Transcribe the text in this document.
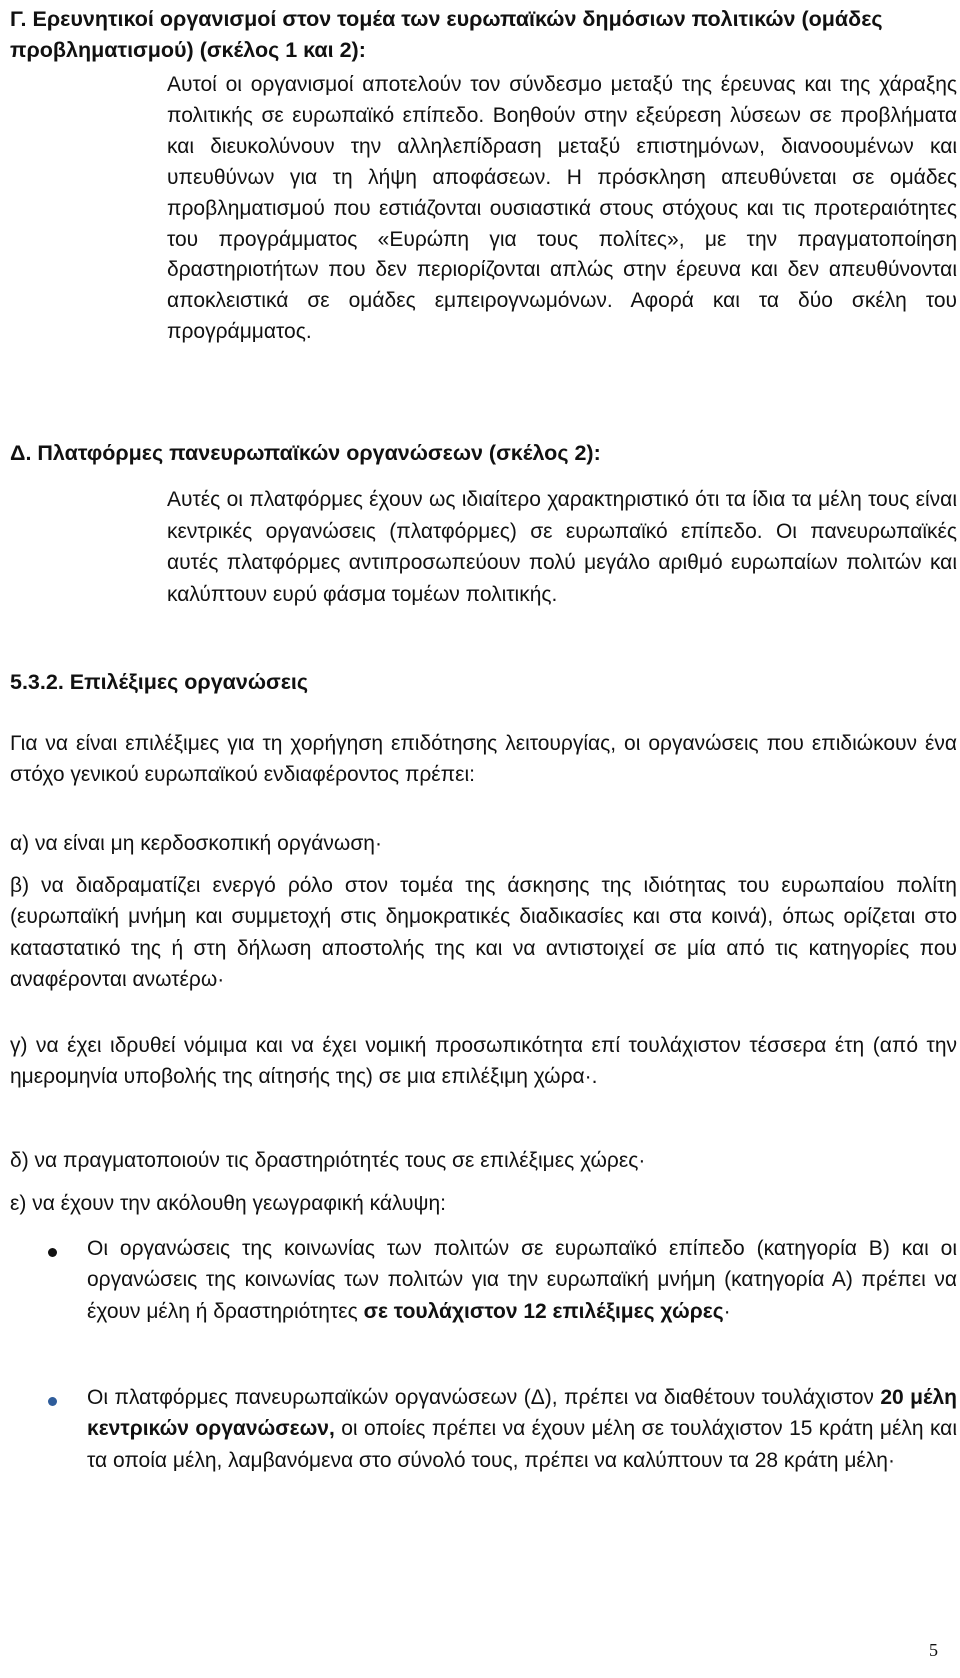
Γ. Ερευνητικοί οργανισμοί στον τομέα των ευρωπαϊκών δημόσιων πολιτικών (ομάδες προβληματισμού) (σκέλος 1 και 2):

Αυτοί οι οργανισμοί αποτελούν τον σύνδεσμο μεταξύ της έρευνας και της χάραξης πολιτικής σε ευρωπαϊκό επίπεδο. Βοηθούν στην εξεύρεση λύσεων σε προβλήματα και διευκολύνουν την αλληλεπίδραση μεταξύ επιστημόνων, διανοουμένων και υπευθύνων για τη λήψη αποφάσεων. Η πρόσκληση απευθύνεται σε ομάδες προβληματισμού που εστιάζονται ουσιαστικά στους στόχους και τις προτεραιότητες του προγράμματος «Ευρώπη για τους πολίτες», με την πραγματοποίηση δραστηριοτήτων που δεν περιορίζονται απλώς στην έρευνα και δεν απευθύνονται αποκλειστικά σε ομάδες εμπειρογνωμόνων. Αφορά και τα δύο σκέλη του προγράμματος.

Δ. Πλατφόρμες πανευρωπαϊκών οργανώσεων (σκέλος 2):

Αυτές οι πλατφόρμες έχουν ως ιδιαίτερο χαρακτηριστικό ότι τα ίδια τα μέλη τους είναι κεντρικές οργανώσεις (πλατφόρμες) σε ευρωπαϊκό επίπεδο. Οι πανευρωπαϊκές αυτές πλατφόρμες αντιπροσωπεύουν πολύ μεγάλο αριθμό ευρωπαίων πολιτών και καλύπτουν ευρύ φάσμα τομέων πολιτικής.

5.3.2. Επιλέξιμες οργανώσεις

Για να είναι επιλέξιμες για τη χορήγηση επιδότησης λειτουργίας, οι οργανώσεις που επιδιώκουν ένα στόχο γενικού ευρωπαϊκού ενδιαφέροντος πρέπει:

α) να είναι μη κερδοσκοπική οργάνωση·

β) να διαδραματίζει ενεργό ρόλο στον τομέα της άσκησης της ιδιότητας του ευρωπαίου πολίτη (ευρωπαϊκή μνήμη και συμμετοχή στις δημοκρατικές διαδικασίες και στα κοινά), όπως ορίζεται στο καταστατικό της ή στη δήλωση αποστολής της και να αντιστοιχεί σε μία από τις κατηγορίες που αναφέρονται ανωτέρω·

γ) να έχει ιδρυθεί νόμιμα και να έχει νομική προσωπικότητα επί τουλάχιστον τέσσερα έτη (από την ημερομηνία υποβολής της αίτησής της) σε μια επιλέξιμη χώρα·.

δ) να πραγματοποιούν τις δραστηριότητές τους σε επιλέξιμες χώρες·

ε) να έχουν την ακόλουθη γεωγραφική κάλυψη:

Οι οργανώσεις της κοινωνίας των πολιτών σε ευρωπαϊκό επίπεδο (κατηγορία Β) και οι οργανώσεις της κοινωνίας των πολιτών για την ευρωπαϊκή μνήμη (κατηγορία Α) πρέπει να έχουν μέλη ή δραστηριότητες σε τουλάχιστον 12 επιλέξιμες χώρες·

Οι πλατφόρμες πανευρωπαϊκών οργανώσεων (Δ), πρέπει να διαθέτουν τουλάχιστον 20 μέλη κεντρικών οργανώσεων, οι οποίες πρέπει να έχουν μέλη σε τουλάχιστον 15 κράτη μέλη και τα οποία μέλη, λαμβανόμενα στο σύνολό τους, πρέπει να καλύπτουν τα 28 κράτη μέλη·

5
